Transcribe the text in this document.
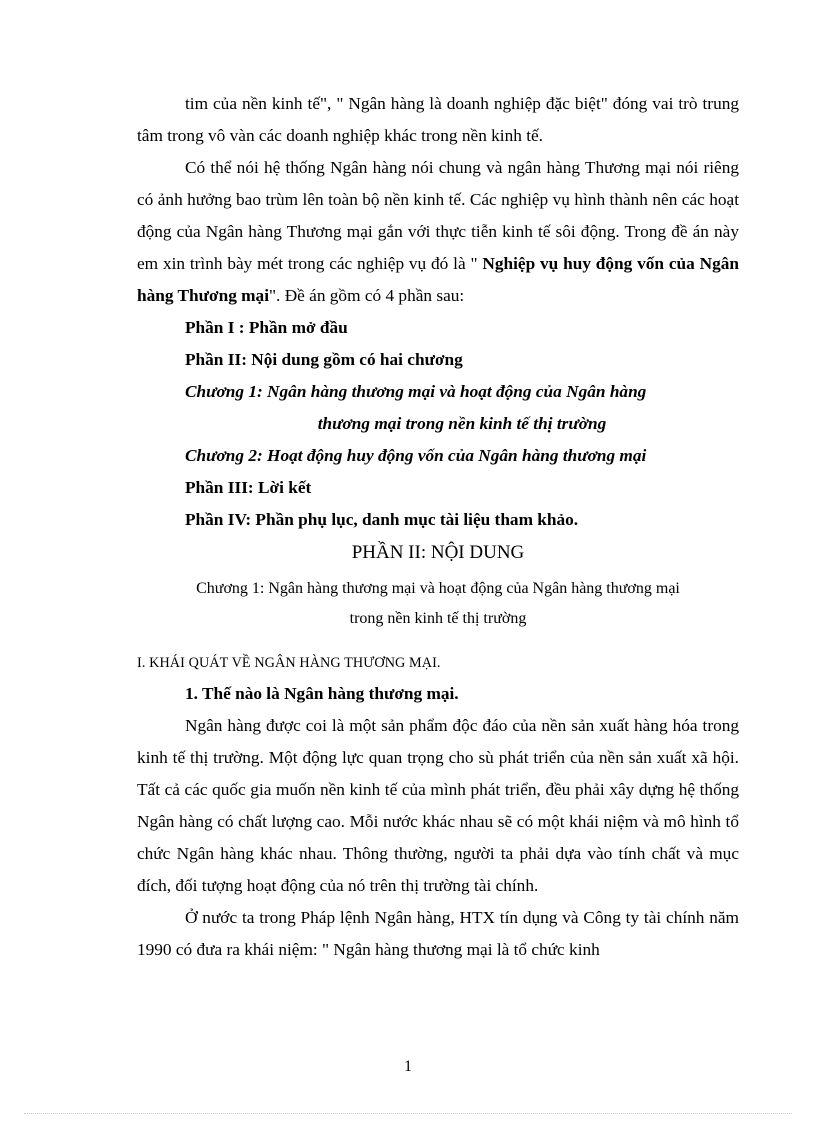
tim của nền kinh tế", " Ngân hàng là doanh nghiệp đặc biệt" đóng vai trò trung tâm trong vô vàn các doanh nghiệp khác trong nền kinh tế.

Có thể nói hệ thống Ngân hàng nói chung và ngân hàng Thương mại nói riêng có ảnh hưởng bao trùm lên toàn bộ nền kinh tế. Các nghiệp vụ hình thành nên các hoạt động của Ngân hàng Thương mại gắn với thực tiễn kinh tế sôi động. Trong đề án này em xin trình bày mét trong các nghiệp vụ đó là " Nghiệp vụ huy động vốn của Ngân hàng Thương mại". Đề án gồm có 4 phần sau:

Phần I : Phần mở đầu

Phần II: Nội dung gồm có hai chương

Chương 1: Ngân hàng thương mại và hoạt động của Ngân hàng
thương mại trong nền kinh tế thị trường

Chương 2: Hoạt động huy động vốn của Ngân hàng thương mại

Phần III: Lời kết

Phần IV: Phần phụ lục, danh mục tài liệu tham khảo.

PHẦN II: NỘI DUNG

Chương 1: Ngân hàng thương mại và hoạt động của Ngân hàng thương mại
trong nền kinh tế thị trường

I. KHÁI QUÁT VỀ NGÂN HÀNG THƯƠNG MẠI.

1. Thế nào là Ngân hàng thương mại.

Ngân hàng được coi là một sản phẩm độc đáo của nền sản xuất hàng hóa trong kinh tế thị trường. Một động lực quan trọng cho sù phát triển của nền sản xuất xã hội. Tất cả các quốc gia muốn nền kinh tế của mình phát triển, đều phải xây dựng hệ thống Ngân hàng có chất lượng cao. Mỗi nước khác nhau sẽ có một khái niệm và mô hình tổ chức Ngân hàng khác nhau. Thông thường, người ta phải dựa vào tính chất và mục đích, đối tượng hoạt động của nó trên thị trường tài chính.

Ở nước ta trong Pháp lệnh Ngân hàng, HTX tín dụng và Công ty tài chính năm 1990 có đưa ra khái niệm: " Ngân hàng thương mại là tổ chức kinh

1
